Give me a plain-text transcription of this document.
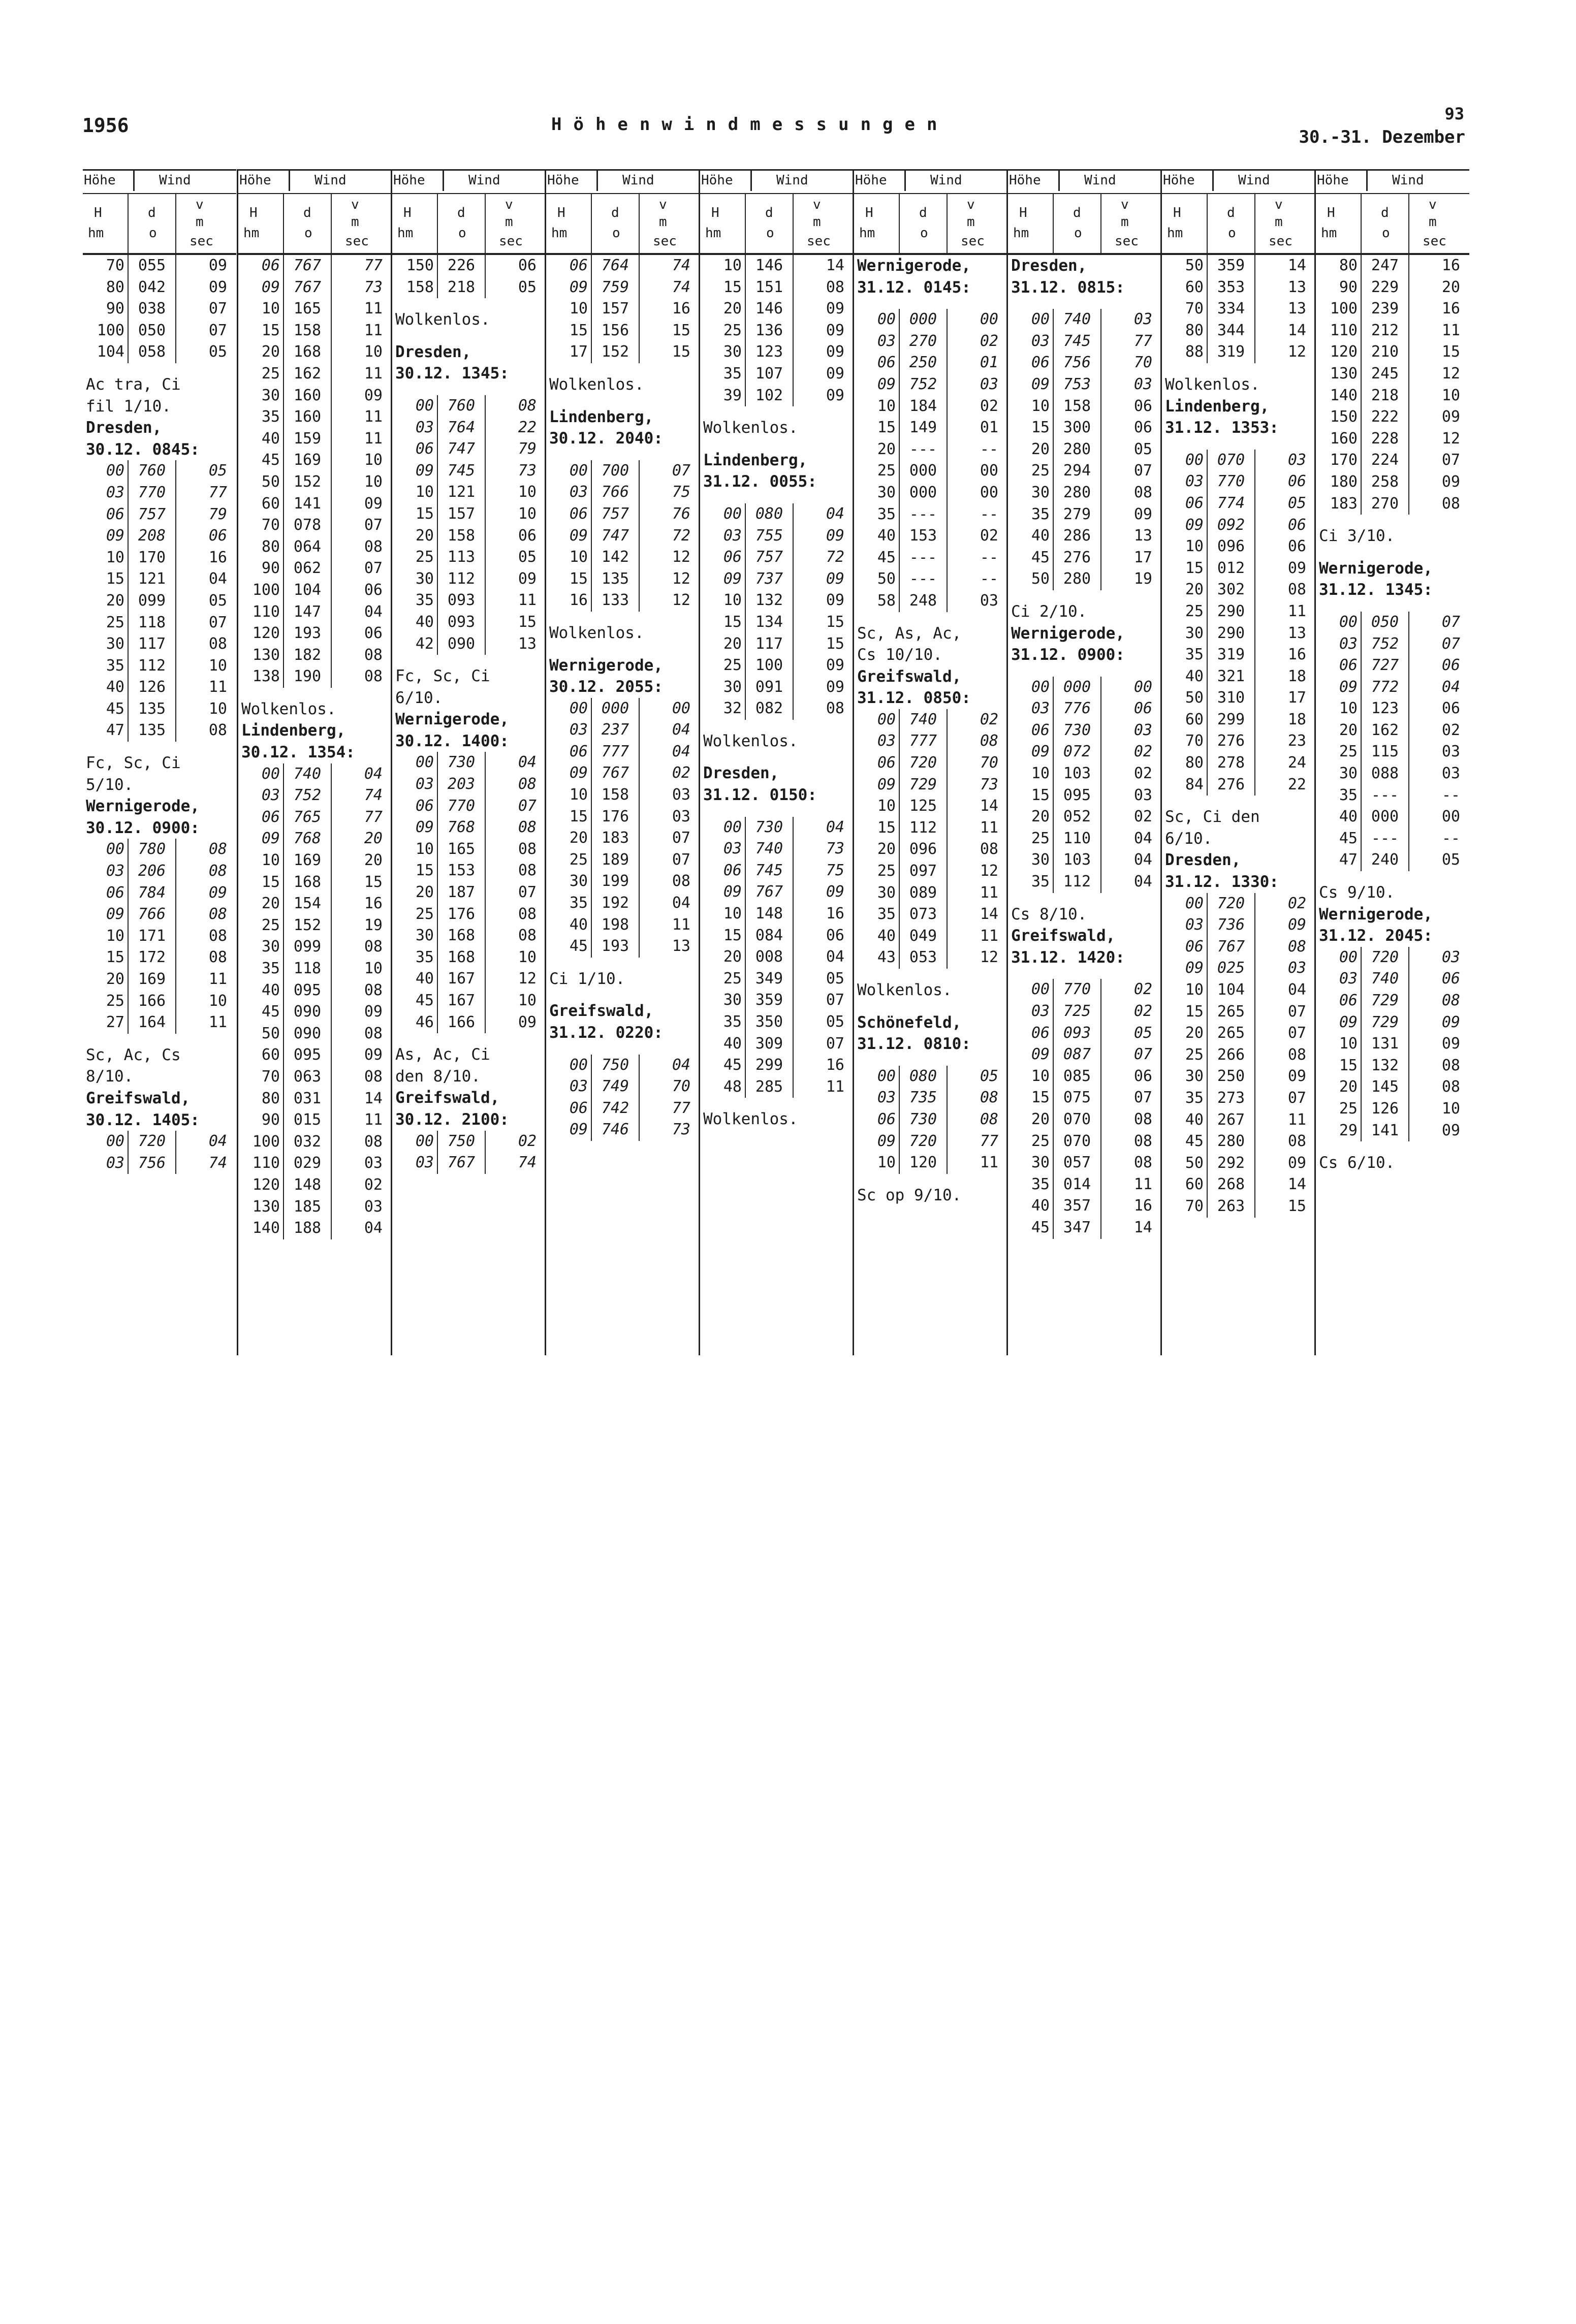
1956	Höhenwindmessungen
93
30.-31. Dezember
Höhe	Wind
H
hm
d
o
v
m
sec
70 055	09
80 042	09
90 038	07
100 050	07
104 058	05
Ac tra, Ci
fil 1/10.
Dresden,
30.12. 0845:
00 760	05
03 770	77
06 757	79
09 208	06
10 170	16
15 121	04
20 099	05
25 118	07
30 117	08
35 112	10
40 126	11
45 135	10
47 135	08
Fc, Sc, Ci
5/10.
Wernigerode,
30.12. 0900:
00 780	08
03 206	08
06 784	09
09 766	08
10 171	08
15 172	08
20 169	11
25 166	10
27 164	11
Sc, Ac, Cs
8/10.
Greifswald,
30.12. 1405:
00 720	04
03 756	74
Höhe	Wind
H
hm
d
o
v
m
sec
06 767	77
09 767	73
10 165	11
15 158	11
20 168	10
25 162	11
30 160	09
35 160	11
40 159	11
45 169	10
50 152	10
60 141	09
70 078	07
80 064	08
90 062	07
100 104	06
110 147	04
120 193	06
130 182	08
138 190	08
Wolkenlos.
Lindenberg,
30.12. 1354:
00 740	04
03 752	74
06 765	77
09 768	20
10 169	20
15 168	15
20 154	16
25 152	19
30 099	08
35 118	10
40 095	08
45 090	09
50 090	08
60 095	09
70 063	08
80 031	14
90 015	11
100 032	08
110 029	03
120 148	02
130 185	03
140 188	04
Höhe	Wind
H
hm
d
o
v
m
sec
150 226	06
158 218	05
Wolkenlos.
Dresden,
30.12. 1345:
00 760	08
03 764	22
06 747	79
09 745	73
10 121	10
15 157	10
20 158	06
25 113	05
30 112	09
35 093	11
40 093	15
42 090	13
Fc, Sc, Ci
6/10.
Wernigerode,
30.12. 1400:
00 730	04
03 203	08
06 770	07
09 768	08
10 165	08
15 153	08
20 187	07
25 176	08
30 168	08
35 168	10
40 167	12
45 167	10
46 166	09
As, Ac, Ci
den 8/10.
Greifswald,
30.12. 2100:
00 750	02
03 767	74
Höhe	Wind
H
hm
d
o
v
m
sec
06 764	74
09 759	74
10 157	16
15 156	15
17 152	15
Wolkenlos.
Lindenberg,
30.12. 2040:
00 700	07
03 766	75
06 757	76
09 747	72
10 142	12
15 135	12
16 133	12
Wolkenlos.
Wernigerode,
30.12. 2055:
00 000	00
03 237	04
06 777	04
09 767	02
10 158	03
15 176	03
20 183	07
25 189	07
30 199	08
35 192	04
40 198	11
45 193	13
Ci 1/10.
Greifswald,
31.12. 0220:
00 750	04
03 749	70
06 742	77
09 746	73
Höhe	Wind
H
hm
d
o
v
m
sec
10 146	14
15 151	08
20 146	09
25 136	09
30 123	09
35 107	09
39 102	09
Wolkenlos.
Lindenberg,
31.12. 0055:
00 080	04
03 755	09
06 757	72
09 737	09
10 132	09
15 134	15
20 117	15
25 100	09
30 091	09
32 082	08
Wolkenlos.
Dresden,
31.12. 0150:
00 730	04
03 740	73
06 745	75
09 767	09
10 148	16
15 084	06
20 008	04
25 349	05
30 359	07
35 350	05
40 309	07
45 299	16
48 285	11
Wolkenlos.
Höhe	Wind
H
hm
d
o
v
m
sec
Wernigerode,
31.12. 0145:
00 000	00
03 270	02
06 250	01
09 752	03
10 184	02
15 149	01
20 ---	--
25 000	00
30 000	00
35 ---	--
40 153	02
45 ---	--
50 ---	--
58 248	03
Sc, As, Ac,
Cs 10/10.
Greifswald,
31.12. 0850:
00 740	02
03 777	08
06 720	70
09 729	73
10 125	14
15 112	11
20 096	08
25 097	12
30 089	11
35 073	14
40 049	11
43 053	12
Wolkenlos.
Schönefeld,
31.12. 0810:
00 080	05
03 735	08
06 730	08
09 720	77
10 120	11
Sc op 9/10.
Höhe	Wind
H
hm
d
o
v
m
sec
Dresden,
31.12. 0815:
00 740	03
03 745	77
06 756	70
09 753	03
10 158	06
15 300	06
20 280	05
25 294	07
30 280	08
35 279	09
40 286	13
45 276	17
50 280	19
Ci 2/10.
Wernigerode,
31.12. 0900:
00 000	00
03 776	06
06 730	03
09 072	02
10 103	02
15 095	03
20 052	02
25 110	04
30 103	04
35 112	04
Cs 8/10.
Greifswald,
31.12. 1420:
00 770	02
03 725	02
06 093	05
09 087	07
10 085	06
15 075	07
20 070	08
25 070	08
30 057	08
35 014	11
40 357	16
45 347	14
Höhe	Wind
H
hm
d
o
v
m
sec
50 359	14
60 353	13
70 334	13
80 344	14
88 319	12
Wolkenlos.
Lindenberg,
31.12. 1353:
00 070	03
03 770	06
06 774	05
09 092	06
10 096	06
15 012	09
20 302	08
25 290	11
30 290	13
35 319	16
40 321	18
50 310	17
60 299	18
70 276	23
80 278	24
84 276	22
Sc, Ci den
6/10.
Dresden,
31.12. 1330:
00 720	02
03 736	09
06 767	08
09 025	03
10 104	04
15 265	07
20 265	07
25 266	08
30 250	09
35 273	07
40 267	11
45 280	08
50 292	09
60 268	14
70 263	15
Höhe	Wind
H
hm
d
o
v
m
sec
80 247	16
90 229	20
100 239	16
110 212	11
120 210	15
130 245	12
140 218	10
150 222	09
160 228	12
170 224	07
180 258	09
183 270	08
Ci 3/10.
Wernigerode,
31.12. 1345:
00 050	07
03 752	07
06 727	06
09 772	04
10 123	06
20 162	02
25 115	03
30 088	03
35 ---	--
40 000	00
45 ---	--
47 240	05
Cs 9/10.
Wernigerode,
31.12. 2045:
00 720	03
03 740	06
06 729	08
09 729	09
10 131	09
15 132	08
20 145	08
25 126	10
29 141	09
Cs 6/10.
